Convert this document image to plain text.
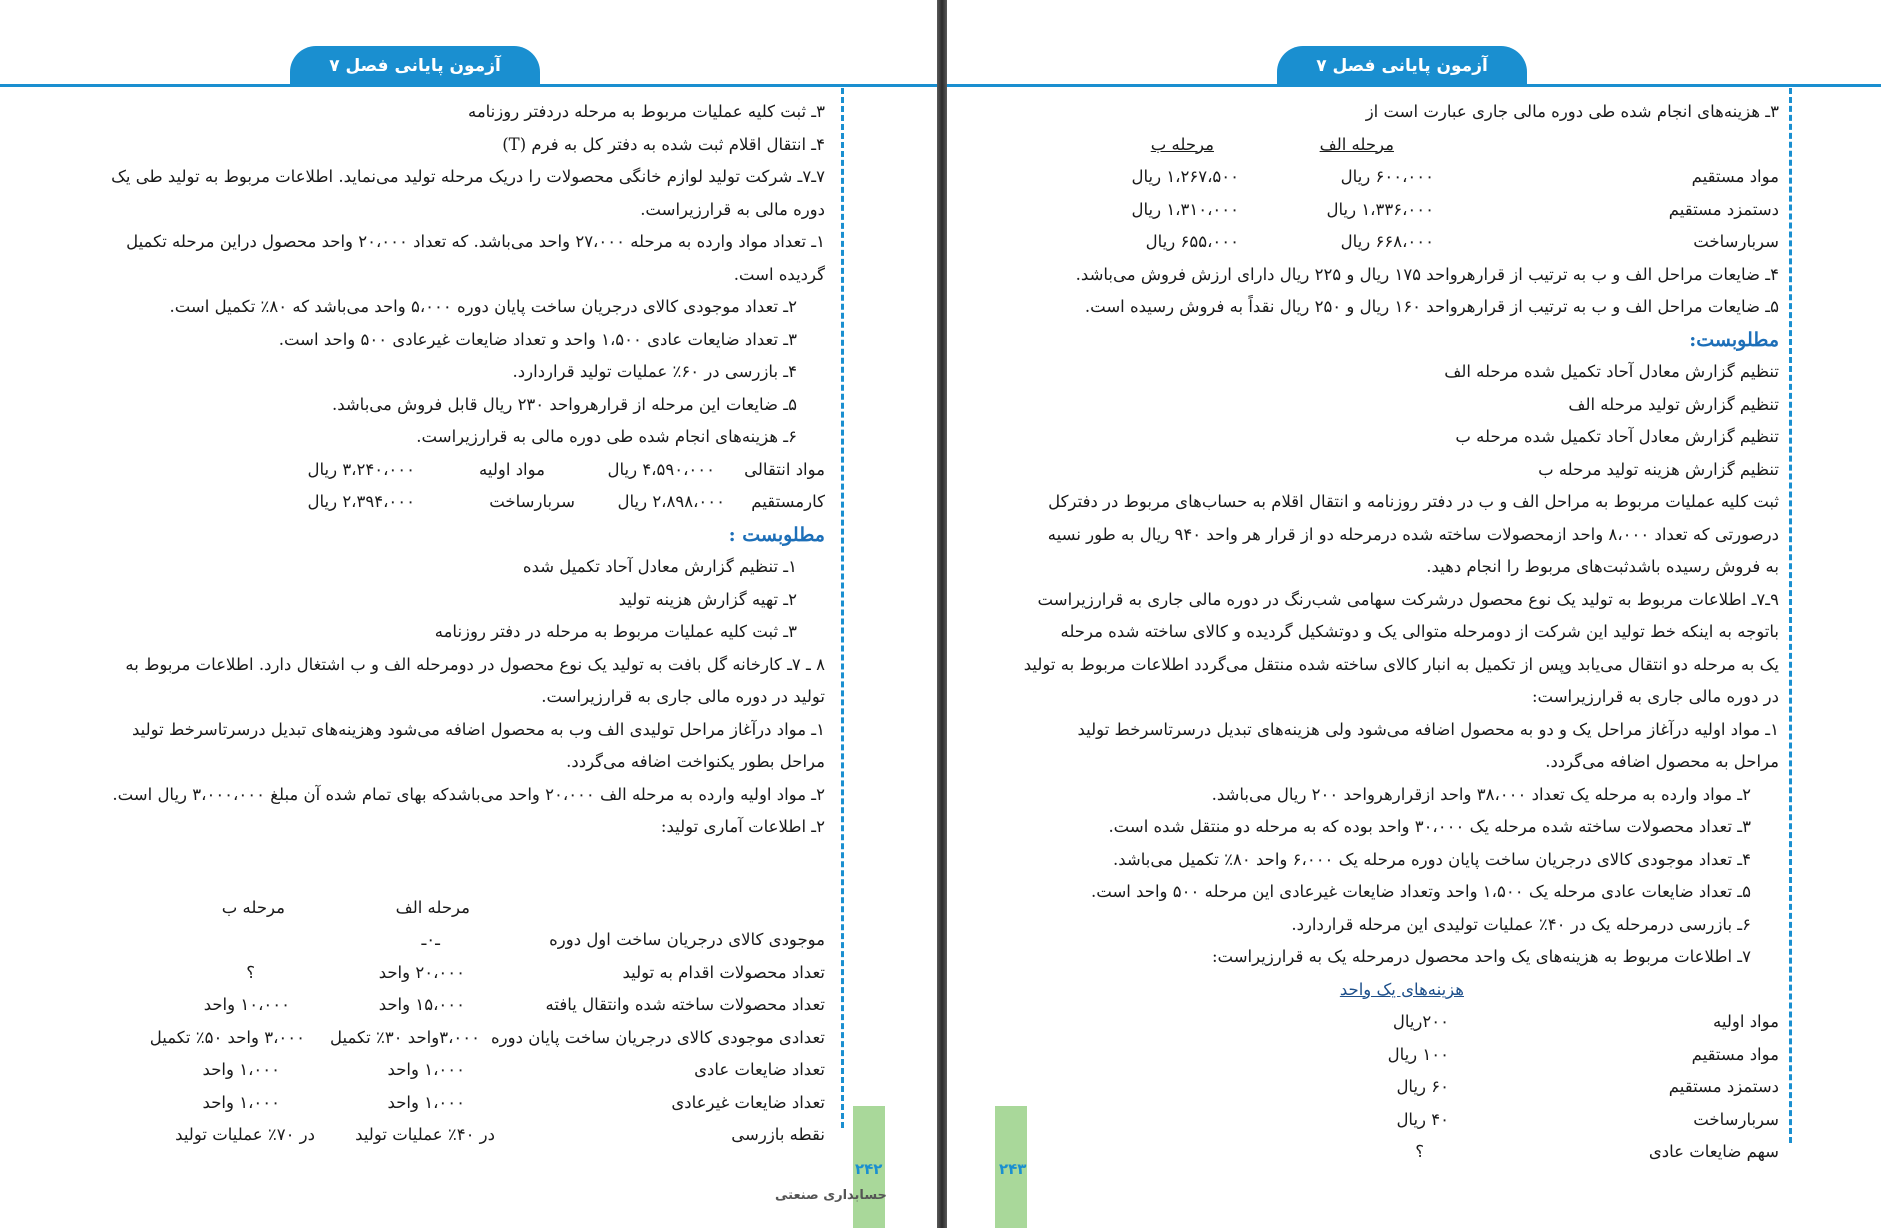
آزمون پایانی فصل ۷
۳ـ ثبت کلیه عملیات مربوط به مرحله دردفتر روزنامه
۴ـ انتقال اقلام ثبت شده به دفتر کل به فرم (T)
۷ـ۷ـ شرکت تولید لوازم خانگی محصولات را دریک مرحله تولید می‌نماید. اطلاعات مربوط به تولید طی یک
دوره مالی به قرارزیراست.
۱ـ تعداد مواد وارده به مرحله ۲۷،۰۰۰ واحد می‌باشد. که تعداد ۲۰،۰۰۰ واحد محصول دراین مرحله تکمیل
گردیده است.
۲ـ تعداد موجودی کالای درجریان ساخت پایان دوره ۵،۰۰۰ واحد می‌باشد که ۸۰٪ تکمیل است.
۳ـ تعداد ضایعات عادی ۱،۵۰۰ واحد و تعداد ضایعات غیرعادی ۵۰۰ واحد است.
۴ـ بازرسی در ۶۰٪ عملیات تولید قراردارد.
۵ـ ضایعات این مرحله از قرارهرواحد ۲۳۰ ریال قابل فروش می‌باشد.
۶ـ هزینه‌های انجام شده طی دوره مالی به قرارزیراست.
مواد انتقالی
۴،۵۹۰،۰۰۰ ریال
مواد اولیه
۳،۲۴۰،۰۰۰ ریال
کارمستقیم
۲،۸۹۸،۰۰۰ ریال
سربارساخت
۲،۳۹۴،۰۰۰ ریال
مطلوبست :
۱ـ تنظیم گزارش معادل آحاد تکمیل شده
۲ـ تهیه گزارش هزینه تولید
۳ـ ثبت کلیه عملیات مربوط به مرحله در دفتر روزنامه
۸ ـ ۷ـ کارخانه گل بافت به تولید یک نوع محصول در دومرحله الف و ب اشتغال دارد. اطلاعات مربوط به
تولید در دوره مالی جاری به قرارزیراست.
۱ـ مواد درآغاز مراحل تولیدی الف وب به محصول اضافه می‌شود وهزینه‌های تبدیل درسرتاسرخط تولید
مراحل بطور یکنواخت اضافه می‌گردد.
۲ـ مواد اولیه وارده به مرحله الف ۲۰،۰۰۰ واحد می‌باشدکه بهای تمام شده آن مبلغ ۳،۰۰۰،۰۰۰ ریال است.
۲ـ اطلاعات آماری تولید:
مرحله الف
مرحله ب
موجودی کالای درجریان ساخت اول دوره
ـ۰ـ
تعداد محصولات اقدام به تولید
۲۰،۰۰۰ واحد
؟
تعداد محصولات ساخته شده وانتقال یافته
۱۵،۰۰۰ واحد
۱۰،۰۰۰ واحد
تعدادی موجودی کالای درجریان ساخت پایان دوره
۳،۰۰۰واحد ۳۰٪ تکمیل
۳،۰۰۰ واحد ۵۰٪ تکمیل
تعداد ضایعات عادی
۱،۰۰۰ واحد
۱،۰۰۰ واحد
تعداد ضایعات غیرعادی
۱،۰۰۰ واحد
۱،۰۰۰ واحد
نقطه بازرسی
در ۴۰٪ عملیات تولید
در ۷۰٪ عملیات تولید
۲۴۲
حسابداری صنعتی
آزمون پایانی فصل ۷
۳ـ هزینه‌های انجام شده طی دوره مالی جاری عبارت است از
مرحله الف
مرحله ب
مواد مستقیم
۶۰۰،۰۰۰ ریال
۱،۲۶۷،۵۰۰ ریال
دستمزد مستقیم
۱،۳۳۶،۰۰۰ ریال
۱،۳۱۰،۰۰۰ ریال
سربارساخت
۶۶۸،۰۰۰ ریال
۶۵۵،۰۰۰ ریال
۴ـ ضایعات مراحل الف و ب به ترتیب از قرارهرواحد ۱۷۵ ریال و ۲۲۵ ریال دارای ارزش فروش می‌باشد.
۵ـ ضایعات مراحل الف و ب به ترتیب از قرارهرواحد ۱۶۰ ریال و ۲۵۰ ریال نقداً به فروش رسیده است.
مطلوبست:
تنظیم گزارش معادل آحاد تکمیل شده مرحله الف
تنظیم گزارش تولید مرحله الف
تنظیم گزارش معادل آحاد تکمیل شده مرحله ب
تنظیم گزارش هزینه تولید مرحله ب
ثبت کلیه عملیات مربوط به مراحل الف و ب در دفتر روزنامه و انتقال اقلام به حساب‌های مربوط در دفترکل
درصورتی که تعداد ۸،۰۰۰ واحد ازمحصولات ساخته شده درمرحله دو از قرار هر واحد ۹۴۰ ریال به طور نسیه
به فروش رسیده باشدثبت‌های مربوط را انجام دهید.
۹ـ۷ـ اطلاعات مربوط به تولید یک نوع محصول درشرکت سهامی شب‌رنگ در دوره مالی جاری به قرارزیراست
باتوجه به اینکه خط تولید این شرکت از دومرحله متوالی یک و دوتشکیل گردیده و کالای ساخته شده مرحله
یک به مرحله دو انتقال می‌یابد وپس از تکمیل به انبار کالای ساخته شده منتقل می‌گردد اطلاعات مربوط به تولید
در دوره مالی جاری به قرارزیراست:
۱ـ مواد اولیه درآغاز مراحل یک و دو به محصول اضافه می‌شود ولی هزینه‌های تبدیل درسرتاسرخط تولید
مراحل به محصول اضافه می‌گردد.
۲ـ مواد وارده به مرحله یک تعداد ۳۸،۰۰۰ واحد ازقرارهرواحد ۲۰۰ ریال می‌باشد.
۳ـ تعداد محصولات ساخته شده مرحله یک ۳۰،۰۰۰ واحد بوده که به مرحله دو منتقل شده است.
۴ـ تعداد موجودی کالای درجریان ساخت پایان دوره مرحله یک ۶،۰۰۰ واحد ۸۰٪ تکمیل می‌باشد.
۵ـ تعداد ضایعات عادی مرحله یک ۱،۵۰۰ واحد وتعداد ضایعات غیرعادی این مرحله ۵۰۰ واحد است.
۶ـ بازرسی درمرحله یک در ۴۰٪ عملیات تولیدی این مرحله قراردارد.
۷ـ اطلاعات مربوط به هزینه‌های یک واحد محصول درمرحله یک به قرارزیراست:
هزینه‌های یک واحد
مواد اولیه
۲۰۰ریال
مواد مستقیم
۱۰۰ ریال
دستمزد مستقیم
۶۰ ریال
سربارساخت
۴۰ ریال
سهم ضایعات عادی
؟
۲۴۳
